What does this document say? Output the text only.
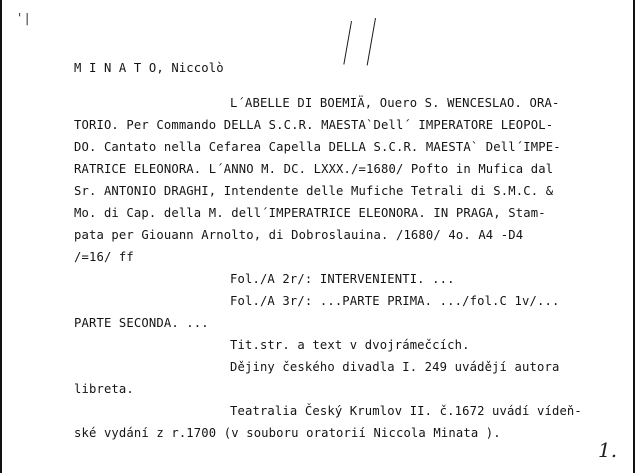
' |
M I N A T O, Niccolò
L´ABELLE DI BOEMIÄ, Ouero S. WENCESLAO. ORA-
TORIO. Per Commando DELLA S.C.R. MAESTA`Dell´ IMPERATORE LEOPOL-
DO. Cantato nella Cefarea Capella DELLA S.C.R. MAESTA` Dell´IMPE-
RATRICE ELEONORA. L´ANNO M. DC. LXXX./=1680/ Pofto in Mufica dal
Sr. ANTONIO DRAGHI, Intendente delle Mufiche Tetrali di S.M.C. &
Mo. di Cap. della M. dell´IMPERATRICE ELEONORA. IN PRAGA, Stam-
pata per Giouann Arnolto, di Dobroslauina. /1680/ 4o. A4 -D4
/=16/ ff
Fol./A 2r/: INTERVENIENTI. ...
Fol./A 3r/: ...PARTE PRIMA. .../fol.C 1v/...
PARTE SECONDA. ...
Tit.str. a text v dvojrámečcích.
Dějiny českého divadla I. 249 uvádějí autora
libreta.
Teatralia Český Krumlov II. č.1672 uvádí vídeň-
ské vydání z r.1700 (v souboru oratorií Niccola Minata ).
1.
